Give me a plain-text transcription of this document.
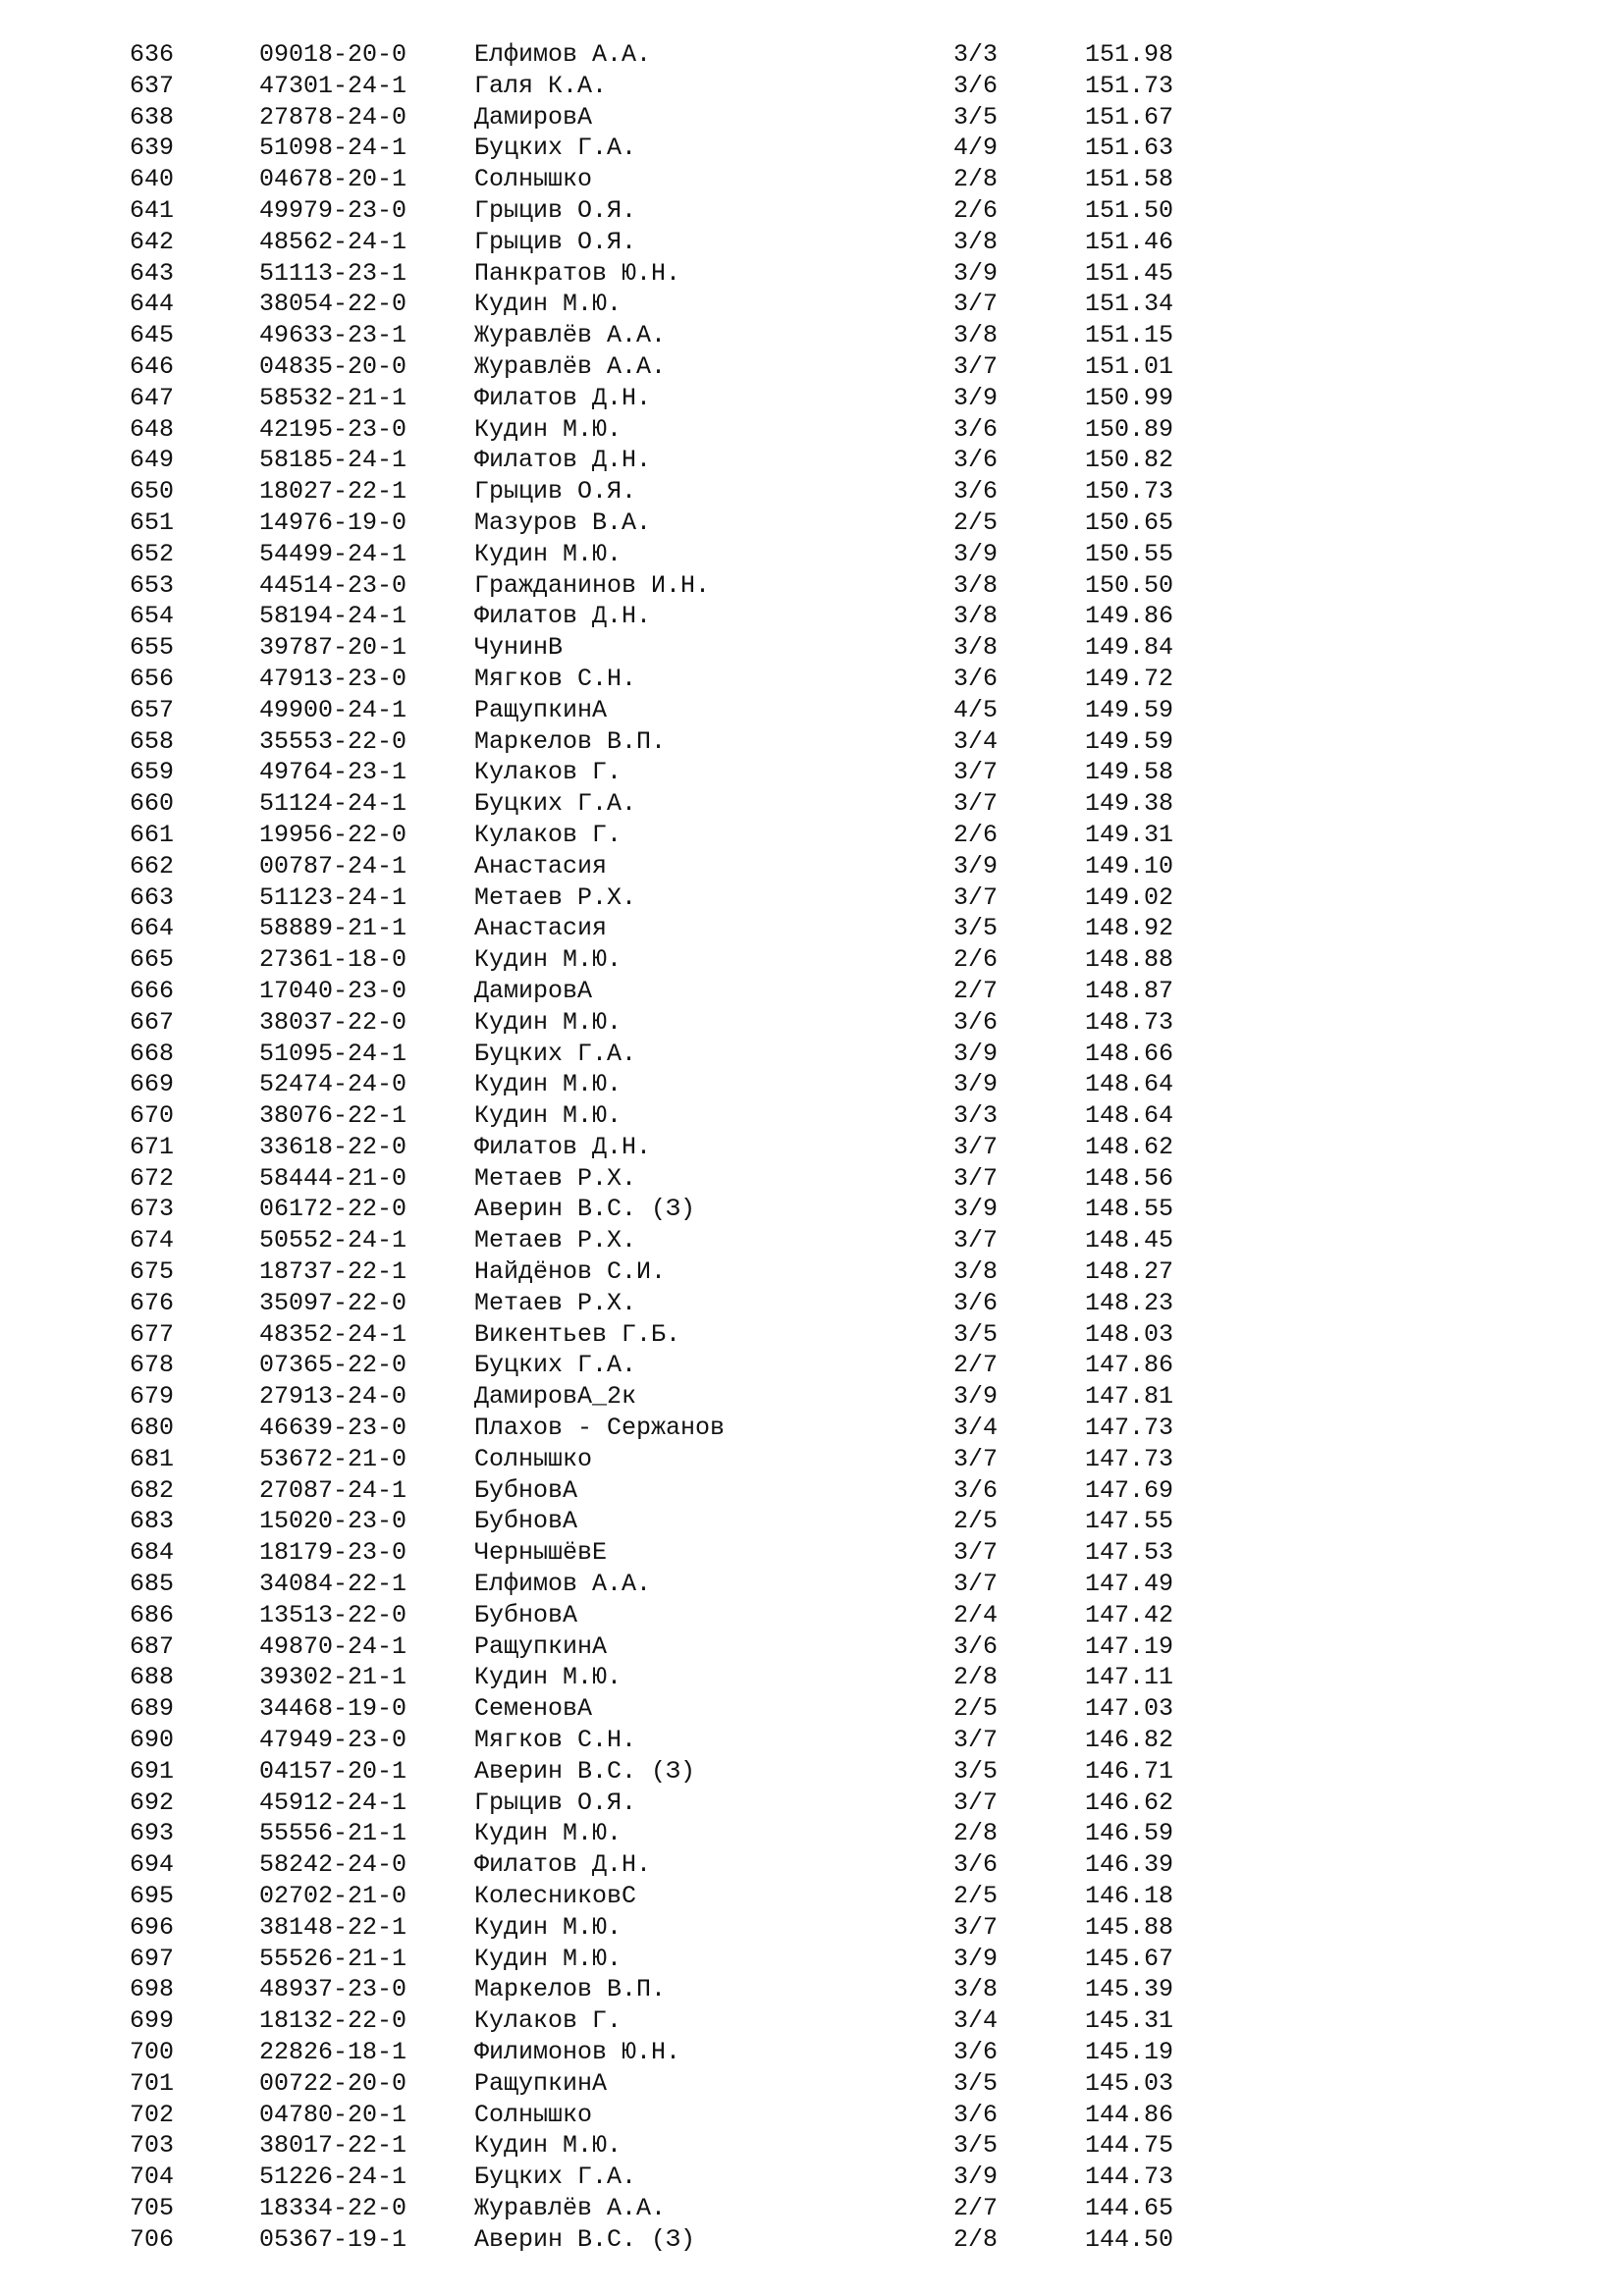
636	09018-20-0	Елфимов А.А.	3/3	151.98
637	47301-24-1	Галя К.А.	3/6	151.73
638	27878-24-0	ДамировА	3/5	151.67
639	51098-24-1	Буцких Г.А.	4/9	151.63
640	04678-20-1	Солнышко	2/8	151.58
641	49979-23-0	Грыцив О.Я.	2/6	151.50
642	48562-24-1	Грыцив О.Я.	3/8	151.46
643	51113-23-1	Панкратов Ю.Н.	3/9	151.45
644	38054-22-0	Кудин М.Ю.	3/7	151.34
645	49633-23-1	Журавлёв А.А.	3/8	151.15
646	04835-20-0	Журавлёв А.А.	3/7	151.01
647	58532-21-1	Филатов Д.Н.	3/9	150.99
648	42195-23-0	Кудин М.Ю.	3/6	150.89
649	58185-24-1	Филатов Д.Н.	3/6	150.82
650	18027-22-1	Грыцив О.Я.	3/6	150.73
651	14976-19-0	Мазуров В.А.	2/5	150.65
652	54499-24-1	Кудин М.Ю.	3/9	150.55
653	44514-23-0	Гражданинов И.Н.	3/8	150.50
654	58194-24-1	Филатов Д.Н.	3/8	149.86
655	39787-20-1	ЧунинВ	3/8	149.84
656	47913-23-0	Мягков С.Н.	3/6	149.72
657	49900-24-1	РащупкинА	4/5	149.59
658	35553-22-0	Маркелов В.П.	3/4	149.59
659	49764-23-1	Кулаков Г.	3/7	149.58
660	51124-24-1	Буцких Г.А.	3/7	149.38
661	19956-22-0	Кулаков Г.	2/6	149.31
662	00787-24-1	Анастасия	3/9	149.10
663	51123-24-1	Метаев Р.Х.	3/7	149.02
664	58889-21-1	Анастасия	3/5	148.92
665	27361-18-0	Кудин М.Ю.	2/6	148.88
666	17040-23-0	ДамировА	2/7	148.87
667	38037-22-0	Кудин М.Ю.	3/6	148.73
668	51095-24-1	Буцких Г.А.	3/9	148.66
669	52474-24-0	Кудин М.Ю.	3/9	148.64
670	38076-22-1	Кудин М.Ю.	3/3	148.64
671	33618-22-0	Филатов Д.Н.	3/7	148.62
672	58444-21-0	Метаев Р.Х.	3/7	148.56
673	06172-22-0	Аверин В.С. (З)	3/9	148.55
674	50552-24-1	Метаев Р.Х.	3/7	148.45
675	18737-22-1	Найдёнов С.И.	3/8	148.27
676	35097-22-0	Метаев Р.Х.	3/6	148.23
677	48352-24-1	Викентьев Г.Б.	3/5	148.03
678	07365-22-0	Буцких Г.А.	2/7	147.86
679	27913-24-0	ДамировА_2к	3/9	147.81
680	46639-23-0	Плахов - Сержанов	3/4	147.73
681	53672-21-0	Солнышко	3/7	147.73
682	27087-24-1	БубновА	3/6	147.69
683	15020-23-0	БубновА	2/5	147.55
684	18179-23-0	ЧернышёвЕ	3/7	147.53
685	34084-22-1	Елфимов А.А.	3/7	147.49
686	13513-22-0	БубновА	2/4	147.42
687	49870-24-1	РащупкинА	3/6	147.19
688	39302-21-1	Кудин М.Ю.	2/8	147.11
689	34468-19-0	СеменовА	2/5	147.03
690	47949-23-0	Мягков С.Н.	3/7	146.82
691	04157-20-1	Аверин В.С. (З)	3/5	146.71
692	45912-24-1	Грыцив О.Я.	3/7	146.62
693	55556-21-1	Кудин М.Ю.	2/8	146.59
694	58242-24-0	Филатов Д.Н.	3/6	146.39
695	02702-21-0	КолесниковС	2/5	146.18
696	38148-22-1	Кудин М.Ю.	3/7	145.88
697	55526-21-1	Кудин М.Ю.	3/9	145.67
698	48937-23-0	Маркелов В.П.	3/8	145.39
699	18132-22-0	Кулаков Г.	3/4	145.31
700	22826-18-1	Филимонов Ю.Н.	3/6	145.19
701	00722-20-0	РащупкинА	3/5	145.03
702	04780-20-1	Солнышко	3/6	144.86
703	38017-22-1	Кудин М.Ю.	3/5	144.75
704	51226-24-1	Буцких Г.А.	3/9	144.73
705	18334-22-0	Журавлёв А.А.	2/7	144.65
706	05367-19-1	Аверин В.С. (З)	2/8	144.50
